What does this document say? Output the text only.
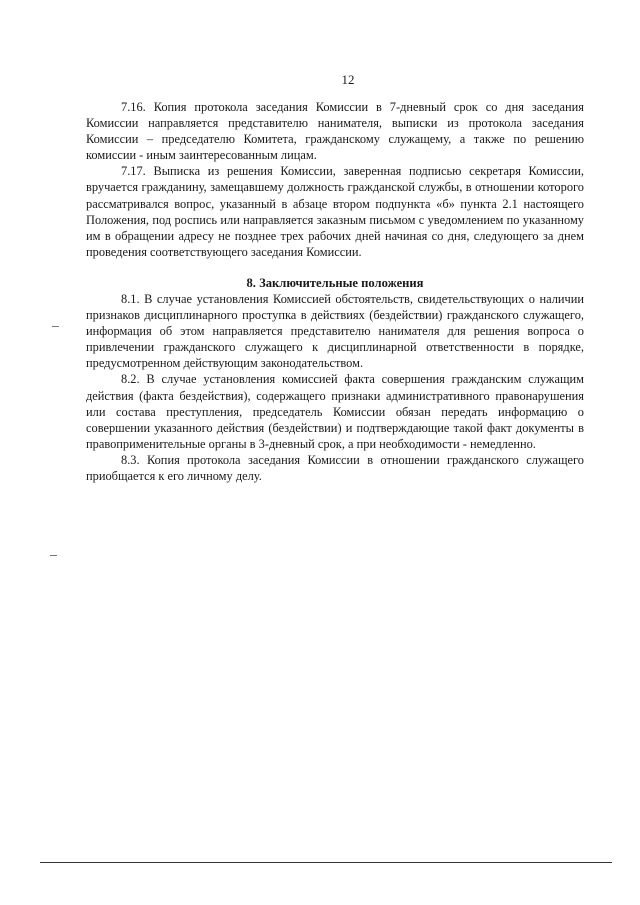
12

7.16. Копия протокола заседания Комиссии в 7-дневный срок со дня заседания Комиссии направляется представителю нанимателя, выписки из протокола заседания Комиссии – председателю Комитета, гражданскому служащему, а также по решению комиссии - иным заинтересованным лицам.

7.17. Выписка из решения Комиссии, заверенная подписью секретаря Комиссии, вручается гражданину, замещавшему должность гражданской службы, в отношении которого рассматривался вопрос, указанный в абзаце втором подпункта «б» пункта 2.1 настоящего Положения, под роспись или направляется заказным письмом с уведомлением по указанному им в обращении адресу не позднее трех рабочих дней начиная со дня, следующего за днем проведения соответствующего заседания Комиссии.

8. Заключительные положения

8.1. В случае установления Комиссией обстоятельств, свидетельствующих о наличии признаков дисциплинарного проступка в действиях (бездействии) гражданского служащего, информация об этом направляется представителю нанимателя для решения вопроса о привлечении гражданского служащего к дисциплинарной ответственности в порядке, предусмотренном действующим законодательством.

8.2. В случае установления комиссией факта совершения гражданским служащим действия (факта бездействия), содержащего признаки административного правонарушения или состава преступления, председатель Комиссии обязан передать информацию о совершении указанного действия (бездействии) и подтверждающие такой факт документы в правоприменительные органы в 3-дневный срок, а при необходимости - немедленно.

8.3. Копия протокола заседания Комиссии в отношении гражданского служащего приобщается к его личному делу.
